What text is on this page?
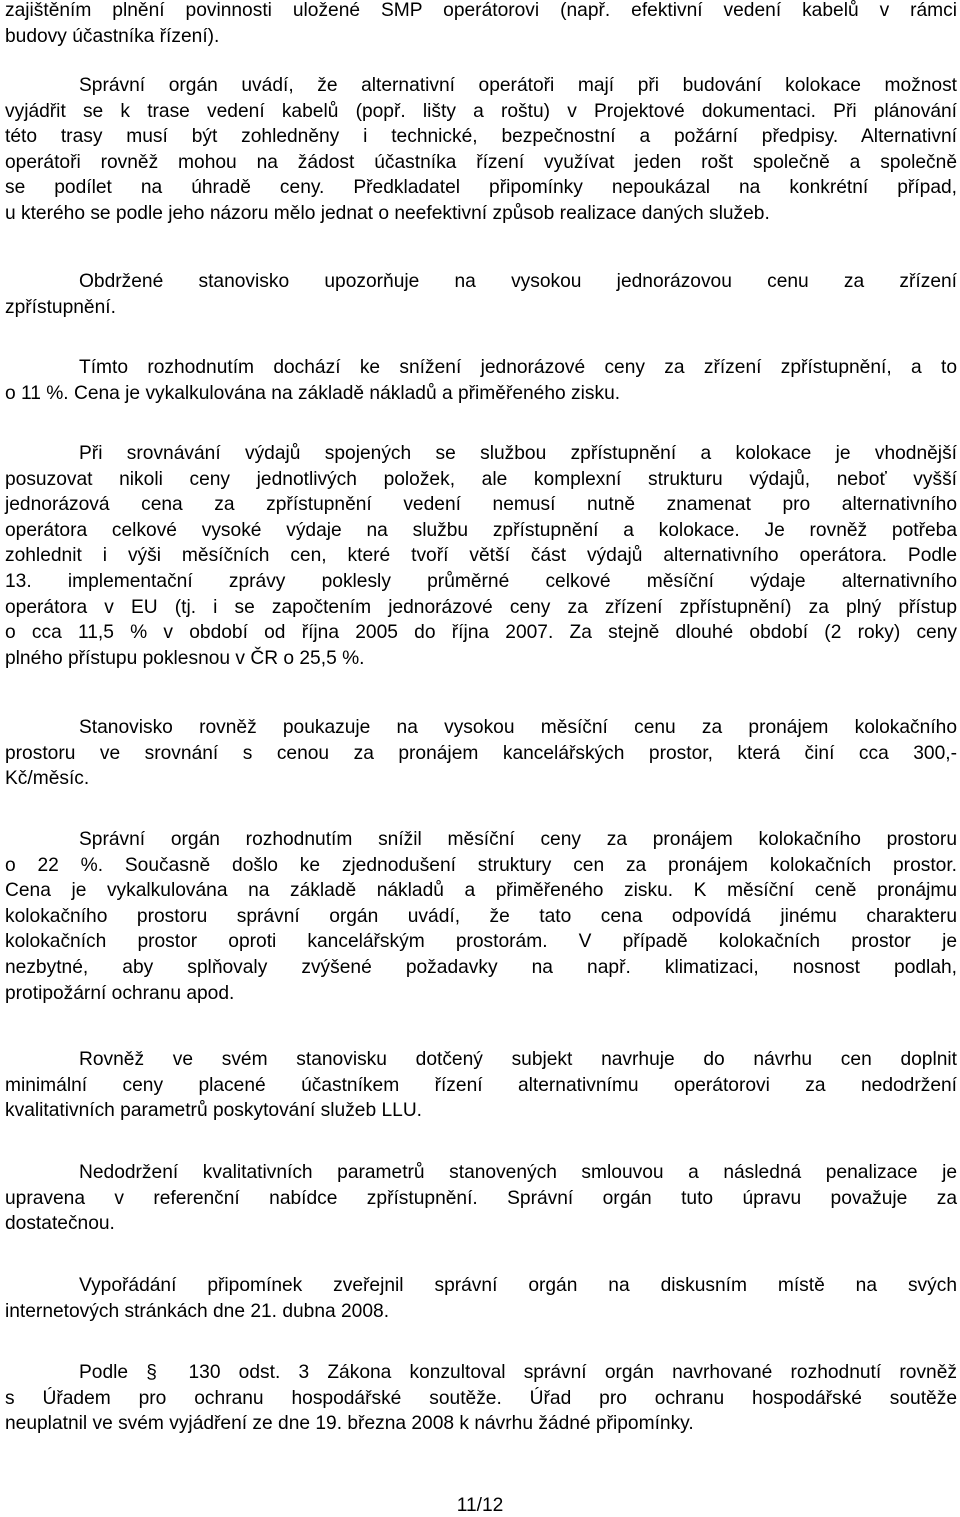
zajištěním plnění povinnosti uložené SMP operátorovi (např. efektivní vedení kabelů v rámci
budovy účastníka řízení).

Správní orgán uvádí, že alternativní operátoři mají při budování kolokace možnost
vyjádřit se k trase vedení kabelů (popř. lišty a roštu) v Projektové dokumentaci. Při plánování
této trasy musí být zohledněny i technické, bezpečnostní a požární předpisy. Alternativní
operátoři rovněž mohou na žádost účastníka řízení využívat jeden rošt společně a společně
se podílet na úhradě ceny. Předkladatel připomínky nepoukázal na konkrétní případ,
u kterého se podle jeho názoru mělo jednat o neefektivní způsob realizace daných služeb.

Obdržené stanovisko upozorňuje na vysokou jednorázovou cenu za zřízení
zpřístupnění.

Tímto rozhodnutím dochází ke snížení jednorázové ceny za zřízení zpřístupnění, a to
o 11 %. Cena je vykalkulována na základě nákladů a přiměřeného zisku.

Při srovnávání výdajů spojených se službou zpřístupnění a kolokace je vhodnější
posuzovat nikoli ceny jednotlivých položek, ale komplexní strukturu výdajů, neboť vyšší
jednorázová cena za zpřístupnění vedení nemusí nutně znamenat pro alternativního
operátora celkové vysoké výdaje na službu zpřístupnění a kolokace. Je rovněž potřeba
zohlednit i výši měsíčních cen, které tvoří větší část výdajů alternativního operátora. Podle
13. implementační zprávy poklesly průměrné celkové měsíční výdaje alternativního
operátora v EU (tj. i se započtením jednorázové ceny za zřízení zpřístupnění) za plný přístup
o cca 11,5 % v období od října 2005 do října 2007. Za stejně dlouhé období (2 roky) ceny
plného přístupu poklesnou v ČR o 25,5 %.

Stanovisko rovněž poukazuje na vysokou měsíční cenu za pronájem kolokačního
prostoru ve srovnání s cenou za pronájem kancelářských prostor, která činí cca 300,-
Kč/měsíc.

Správní orgán rozhodnutím snížil měsíční ceny za pronájem kolokačního prostoru
o 22 %. Současně došlo ke zjednodušení struktury cen za pronájem kolokačních prostor.
Cena je vykalkulována na základě nákladů a přiměřeného zisku. K měsíční ceně pronájmu
kolokačního prostoru správní orgán uvádí, že tato cena odpovídá jinému charakteru
kolokačních prostor oproti kancelářským prostorám. V případě kolokačních prostor je
nezbytné, aby splňovaly zvýšené požadavky na např. klimatizaci, nosnost podlah,
protipožární ochranu apod.

Rovněž ve svém stanovisku dotčený subjekt navrhuje do návrhu cen doplnit
minimální ceny placené účastníkem řízení alternativnímu operátorovi za nedodržení
kvalitativních parametrů poskytování služeb LLU.

Nedodržení kvalitativních parametrů stanovených smlouvou a následná penalizace je
upravena v referenční nabídce zpřístupnění. Správní orgán tuto úpravu považuje za
dostatečnou.

Vypořádání připomínek zveřejnil správní orgán na diskusním místě na svých
internetových stránkách dne 21. dubna 2008.

Podle § 130 odst. 3 Zákona konzultoval správní orgán navrhované rozhodnutí rovněž
s Úřadem pro ochranu hospodářské soutěže. Úřad pro ochranu hospodářské soutěže
neuplatnil ve svém vyjádření ze dne 19. března 2008 k návrhu žádné připomínky.

11/12
